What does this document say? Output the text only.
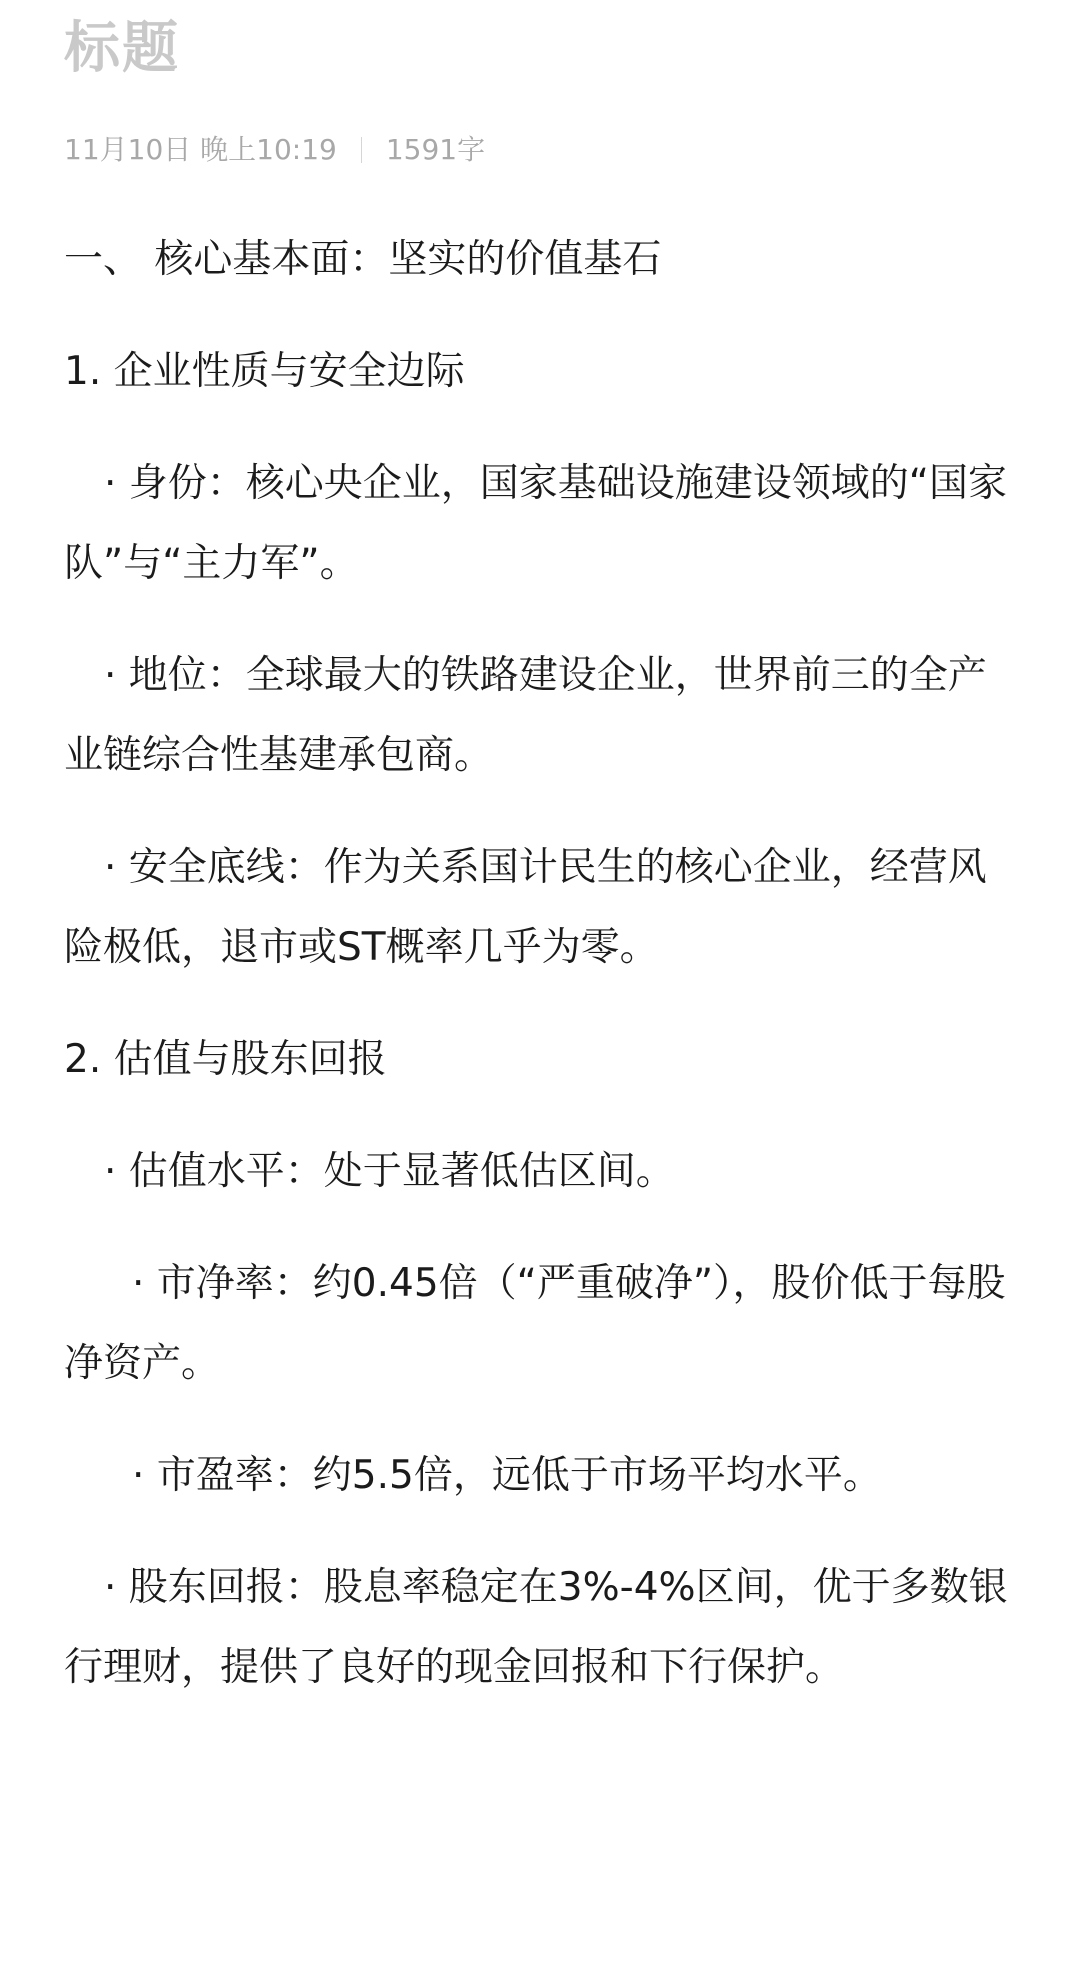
标题
11月10日 晚上10:19 1591字

一、 核心基本面：坚实的价值基石

1. 企业性质与安全边际

· 身份：核心央企业，国家基础设施建设领域的“国家队”与“主力军”。

· 地位：全球最大的铁路建设企业，世界前三的全产业链综合性基建承包商。

· 安全底线：作为关系国计民生的核心企业，经营风险极低，退市或ST概率几乎为零。

2. 估值与股东回报

· 估值水平：处于显著低估区间。

· 市净率：约0.45倍（“严重破净”），股价低于每股净资产。

· 市盈率：约5.5倍，远低于市场平均水平。

· 股东回报：股息率稳定在3%-4%区间，优于多数银行理财，提供了良好的现金回报和下行保护。
